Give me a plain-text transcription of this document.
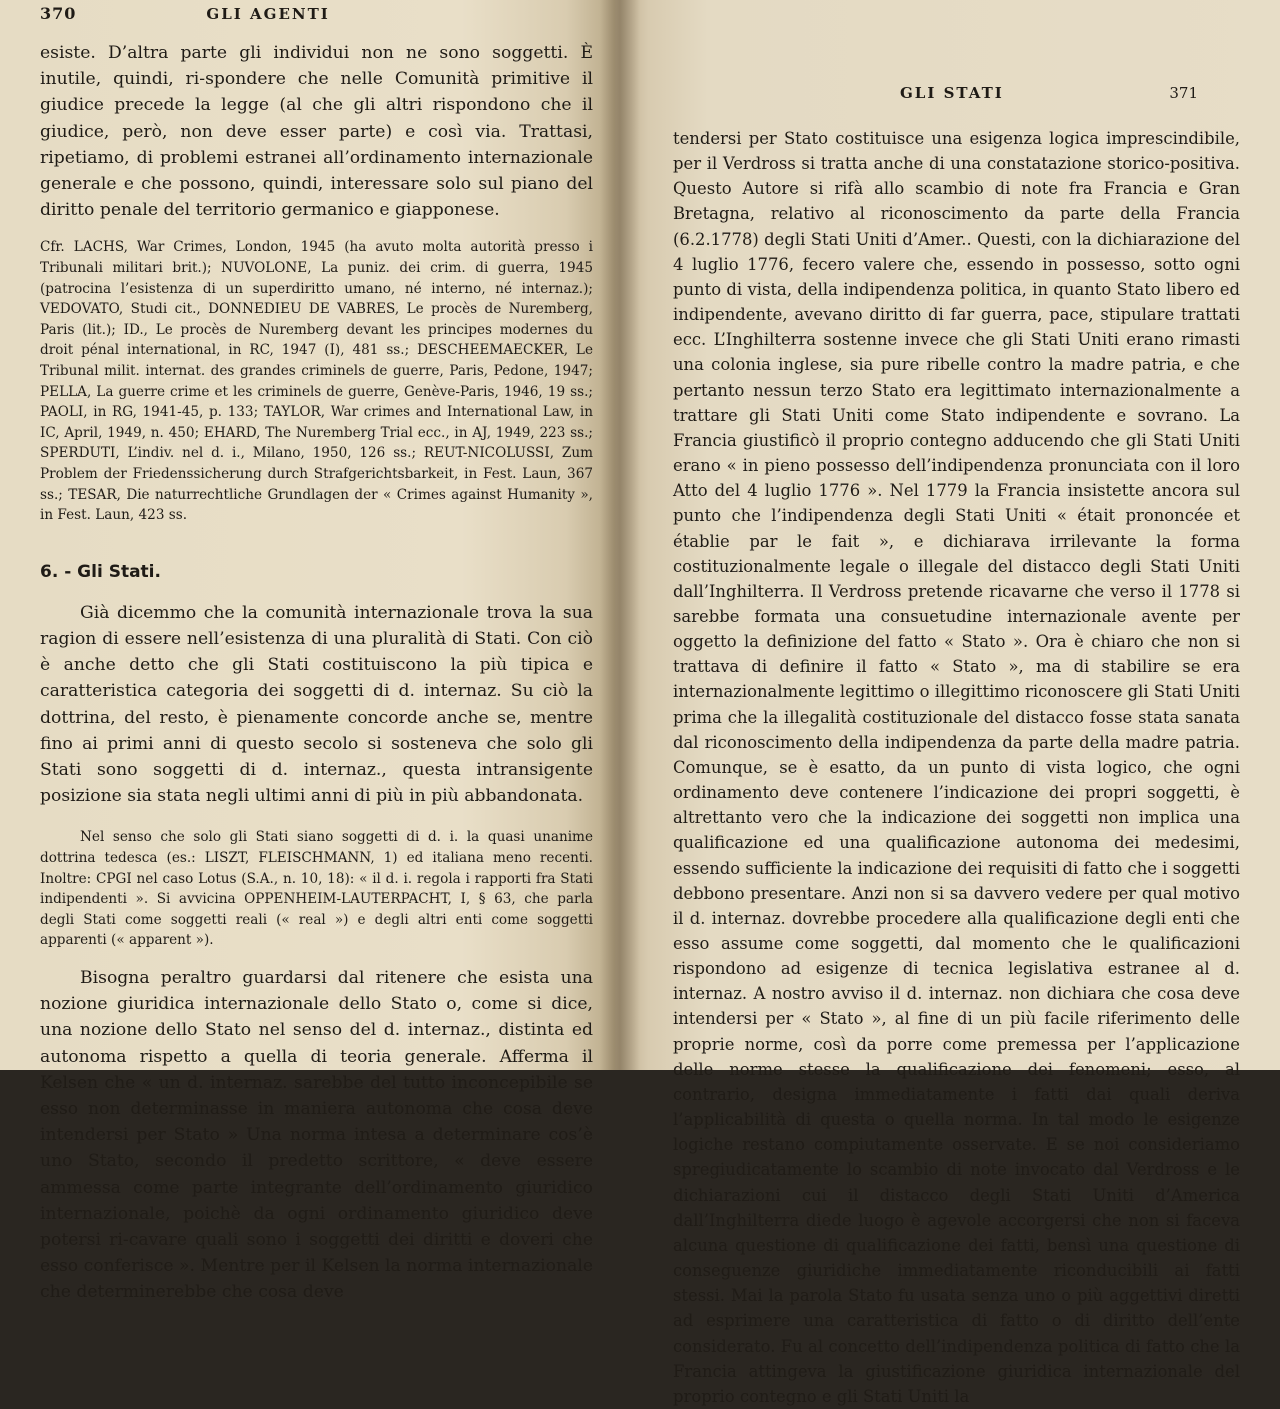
370	GLI AGENTI

esiste. D’altra parte gli individui non ne sono soggetti. È inutile, quindi, ri-spondere che nelle Comunità primitive il giudice precede la legge (al che gli altri rispondono che il giudice, però, non deve esser parte) e così via. Trattasi, ripetiamo, di problemi estranei all’ordinamento internazionale generale e che possono, quindi, interessare solo sul piano del diritto penale del territorio germanico e giapponese.

Cfr. LACHS, War Crimes, London, 1945 (ha avuto molta autorità presso i Tribunali militari brit.); NUVOLONE, La puniz. dei crim. di guerra, 1945 (patrocina l’esistenza di un superdiritto umano, né interno, né internaz.); VEDOVATO, Studi cit., DONNEDIEU DE VABRES, Le procès de Nuremberg, Paris (lit.); ID., Le procès de Nuremberg devant les principes modernes du droit pénal international, in RC, 1947 (I), 481 ss.; DESCHEEMAECKER, Le Tribunal milit. internat. des grandes criminels de guerre, Paris, Pedone, 1947; PELLA, La guerre crime et les criminels de guerre, Genève-Paris, 1946, 19 ss.; PAOLI, in RG, 1941-45, p. 133; TAYLOR, War crimes and International Law, in IC, April, 1949, n. 450; EHARD, The Nuremberg Trial ecc., in AJ, 1949, 223 ss.; SPERDUTI, L’indiv. nel d. i., Milano, 1950, 126 ss.; REUT-NICOLUSSI, Zum Problem der Friedenssicherung durch Strafgerichtsbarkeit, in Fest. Laun, 367 ss.; TESAR, Die naturrechtliche Grundlagen der « Crimes against Humanity », in Fest. Laun, 423 ss.

6. - Gli Stati.

Già dicemmo che la comunità internazionale trova la sua ragion di essere nell’esistenza di una pluralità di Stati. Con ciò è anche detto che gli Stati costituiscono la più tipica e caratteristica categoria dei soggetti di d. internaz. Su ciò la dottrina, del resto, è pienamente concorde anche se, mentre fino ai primi anni di questo secolo si sosteneva che solo gli Stati sono soggetti di d. internaz., questa intransigente posizione sia stata negli ultimi anni di più in più abbandonata.

Nel senso che solo gli Stati siano soggetti di d. i. la quasi unanime dottrina tedesca (es.: LISZT, FLEISCHMANN, 1) ed italiana meno recenti. Inoltre: CPGI nel caso Lotus (S.A., n. 10, 18): « il d. i. regola i rapporti fra Stati indipendenti ». Si avvicina OPPENHEIM-LAUTERPACHT, I, § 63, che parla degli Stati come soggetti reali (« real ») e degli altri enti come soggetti apparenti (« apparent »).

Bisogna peraltro guardarsi dal ritenere che esista una nozione giuridica internazionale dello Stato o, come si dice, una nozione dello Stato nel senso del d. internaz., distinta ed autonoma rispetto a quella di teoria generale. Afferma il Kelsen che « un d. internaz. sarebbe del tutto inconcepibile se esso non determinasse in maniera autonoma che cosa deve intendersi per Stato » Una norma intesa a determinare cos’è uno Stato, secondo il predetto scrittore, « deve essere ammessa come parte integrante dell’ordinamento giuridico internazionale, poichè da ogni ordinamento giuridico deve potersi ri-cavare quali sono i soggetti dei diritti e doveri che esso conferisce ». Mentre per il Kelsen la norma internazionale che determinerebbe che cosa deve

GLI STATI	371

tendersi per Stato costituisce una esigenza logica imprescindibile, per il Verdross si tratta anche di una constatazione storico-positiva. Questo Autore si rifà allo scambio di note fra Francia e Gran Bretagna, relativo al riconoscimento da parte della Francia (6.2.1778) degli Stati Uniti d’Amer.. Questi, con la dichiarazione del 4 luglio 1776, fecero valere che, essendo in possesso, sotto ogni punto di vista, della indipendenza politica, in quanto Stato libero ed indipendente, avevano diritto di far guerra, pace, stipulare trattati ecc. L’Inghilterra sostenne invece che gli Stati Uniti erano rimasti una colonia inglese, sia pure ribelle contro la madre patria, e che pertanto nessun terzo Stato era legittimato internazionalmente a trattare gli Stati Uniti come Stato indipendente e sovrano. La Francia giustificò il proprio contegno adducendo che gli Stati Uniti erano « in pieno possesso dell’indipendenza pronunciata con il loro Atto del 4 luglio 1776 ». Nel 1779 la Francia insistette ancora sul punto che l’indipendenza degli Stati Uniti « était prononcée et établie par le fait », e dichiarava irrilevante la forma costituzionalmente legale o illegale del distacco degli Stati Uniti dall’Inghilterra. Il Verdross pretende ricavarne che verso il 1778 si sarebbe formata una consuetudine internazionale avente per oggetto la definizione del fatto « Stato ». Ora è chiaro che non si trattava di definire il fatto « Stato », ma di stabilire se era internazionalmente legittimo o illegittimo riconoscere gli Stati Uniti prima che la illegalità costituzionale del distacco fosse stata sanata dal riconoscimento della indipendenza da parte della madre patria. Comunque, se è esatto, da un punto di vista logico, che ogni ordinamento deve contenere l’indicazione dei propri soggetti, è altrettanto vero che la indicazione dei soggetti non implica una qualificazione ed una qualificazione autonoma dei medesimi, essendo sufficiente la indicazione dei requisiti di fatto che i soggetti debbono presentare. Anzi non si sa davvero vedere per qual motivo il d. internaz. dovrebbe procedere alla qualificazione degli enti che esso assume come soggetti, dal momento che le qualificazioni rispondono ad esigenze di tecnica legislativa estranee al d. internaz. A nostro avviso il d. internaz. non dichiara che cosa deve intendersi per « Stato », al fine di un più facile riferimento delle proprie norme, così da porre come premessa per l’applicazione delle norme stesse la qualificazione dei fenomeni; esso, al contrario, designa immediatamente i fatti dai quali deriva l’applicabilità di questa o quella norma. In tal modo le esigenze logiche restano compiutamente osservate. E se noi consideriamo spregiudicatamente lo scambio di note invocato dal Verdross e le dichiarazioni cui il distacco degli Stati Uniti d’America dall’Inghilterra diede luogo è agevole accorgersi che non si faceva alcuna questione di qualificazione dei fatti, bensì una questione di conseguenze giuridiche immediatamente riconducibili ai fatti stessi. Mai la parola Stato fu usata senza uno o più aggettivi diretti ad esprimere una caratteristica di fatto o di diritto dell’ente considerato. Fu al concetto dell’indipendenza politica di fatto che la Francia attingeva la giustificazione giuridica internazionale del proprio contegno e gli Stati Uniti la
